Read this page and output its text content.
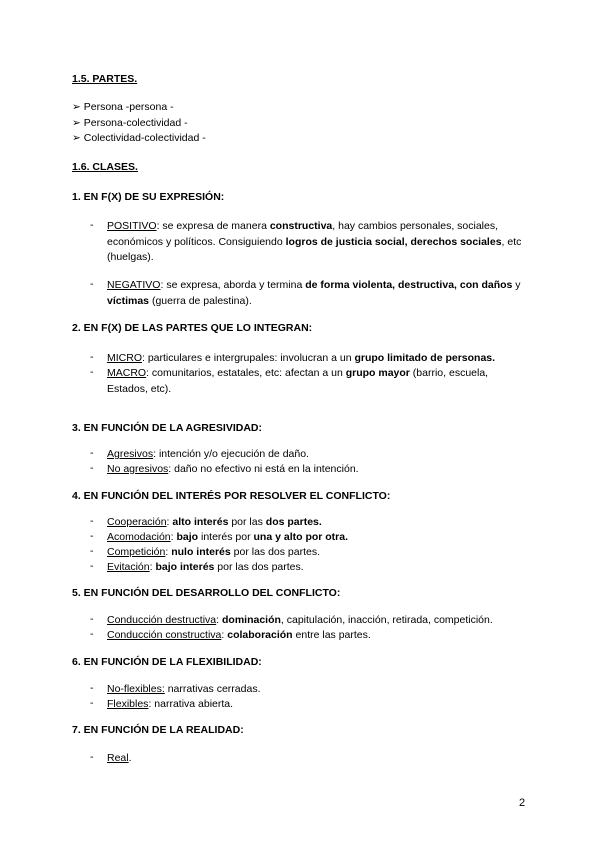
1.5. PARTES.
➢ Persona -persona -
➢ Persona-colectividad -
➢ Colectividad-colectividad -
1.6. CLASES.
1. EN F(X) DE SU EXPRESIÓN:
- POSITIVO: se expresa de manera constructiva, hay cambios personales, sociales, económicos y políticos. Consiguiendo logros de justicia social, derechos sociales, etc (huelgas).
- NEGATIVO: se expresa, aborda y termina de forma violenta, destructiva, con daños y víctimas (guerra de palestina).
2. EN F(X) DE LAS PARTES QUE LO INTEGRAN:
- MICRO: particulares e intergrupales: involucran a un grupo limitado de personas.
- MACRO: comunitarios, estatales, etc: afectan a un grupo mayor (barrio, escuela, Estados, etc).
3. EN FUNCIÓN DE LA AGRESIVIDAD:
- Agresivos: intención y/o ejecución de daño.
- No agresivos: daño no efectivo ni está en la intención.
4. EN FUNCIÓN DEL INTERÉS POR RESOLVER EL CONFLICTO:
- Cooperación: alto interés por las dos partes.
- Acomodación: bajo interés por una y alto por otra.
- Competición: nulo interés por las dos partes.
- Evitación: bajo interés por las dos partes.
5. EN FUNCIÓN DEL DESARROLLO DEL CONFLICTO:
- Conducción destructiva: dominación, capitulación, inacción, retirada, competición.
- Conducción constructiva: colaboración entre las partes.
6. EN FUNCIÓN DE LA FLEXIBILIDAD:
- No-flexibles: narrativas cerradas.
- Flexibles: narrativa abierta.
7. EN FUNCIÓN DE LA REALIDAD:
- Real.
2
